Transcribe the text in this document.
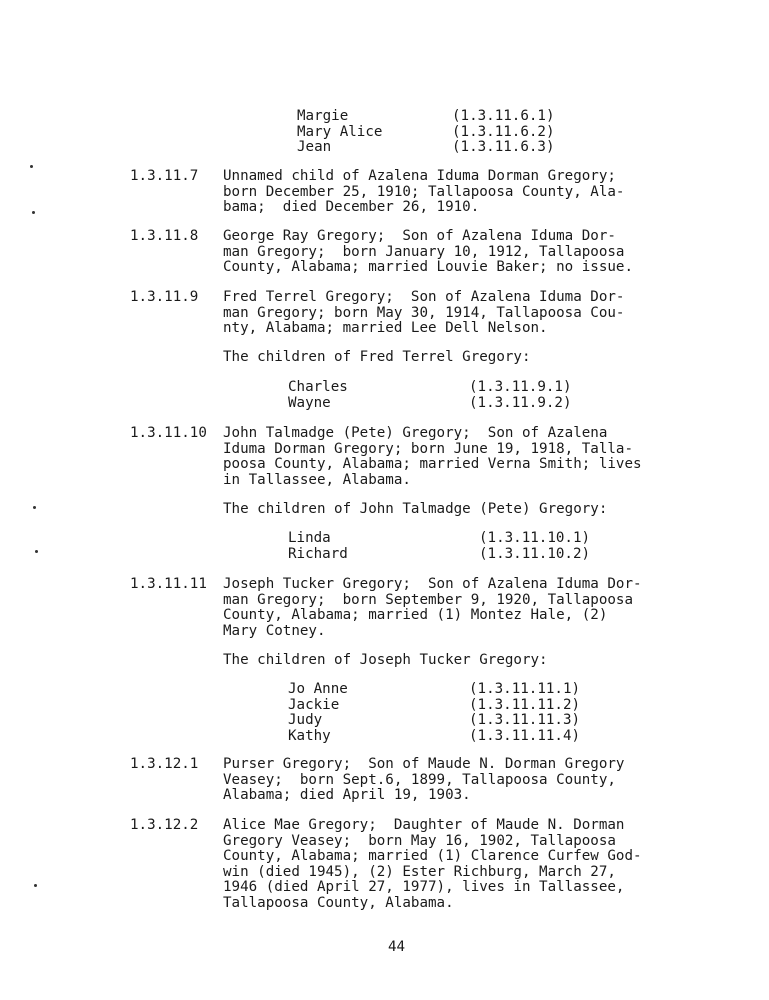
Margie	(1.3.11.6.1)
Mary Alice	(1.3.11.6.2)
Jean	(1.3.11.6.3)
1.3.11.7 Unnamed child of Azalena Iduma Dorman Gregory;
born December 25, 1910; Tallapoosa County, Ala-
bama;  died December 26, 1910.
1.3.11.8 George Ray Gregory;  Son of Azalena Iduma Dor-
man Gregory;  born January 10, 1912, Tallapoosa
County, Alabama; married Louvie Baker; no issue.
1.3.11.9 Fred Terrel Gregory;  Son of Azalena Iduma Dor-
man Gregory; born May 30, 1914, Tallapoosa Cou-
nty, Alabama; married Lee Dell Nelson.
The children of Fred Terrel Gregory:
Charles	(1.3.11.9.1)
Wayne	(1.3.11.9.2)
1.3.11.10 John Talmadge (Pete) Gregory;  Son of Azalena
Iduma Dorman Gregory; born June 19, 1918, Talla-
poosa County, Alabama; married Verna Smith; lives
in Tallassee, Alabama.
The children of John Talmadge (Pete) Gregory:
Linda	(1.3.11.10.1)
Richard	(1.3.11.10.2)
1.3.11.11 Joseph Tucker Gregory;  Son of Azalena Iduma Dor-
man Gregory;  born September 9, 1920, Tallapoosa
County, Alabama; married (1) Montez Hale, (2)
Mary Cotney.
The children of Joseph Tucker Gregory:
Jo Anne	(1.3.11.11.1)
Jackie	(1.3.11.11.2)
Judy	(1.3.11.11.3)
Kathy	(1.3.11.11.4)
1.3.12.1 Purser Gregory;  Son of Maude N. Dorman Gregory
Veasey;  born Sept.6, 1899, Tallapoosa County,
Alabama; died April 19, 1903.
1.3.12.2 Alice Mae Gregory;  Daughter of Maude N. Dorman
Gregory Veasey;  born May 16, 1902, Tallapoosa
County, Alabama; married (1) Clarence Curfew God-
win (died 1945), (2) Ester Richburg, March 27,
1946 (died April 27, 1977), lives in Tallassee,
Tallapoosa County, Alabama.
44
